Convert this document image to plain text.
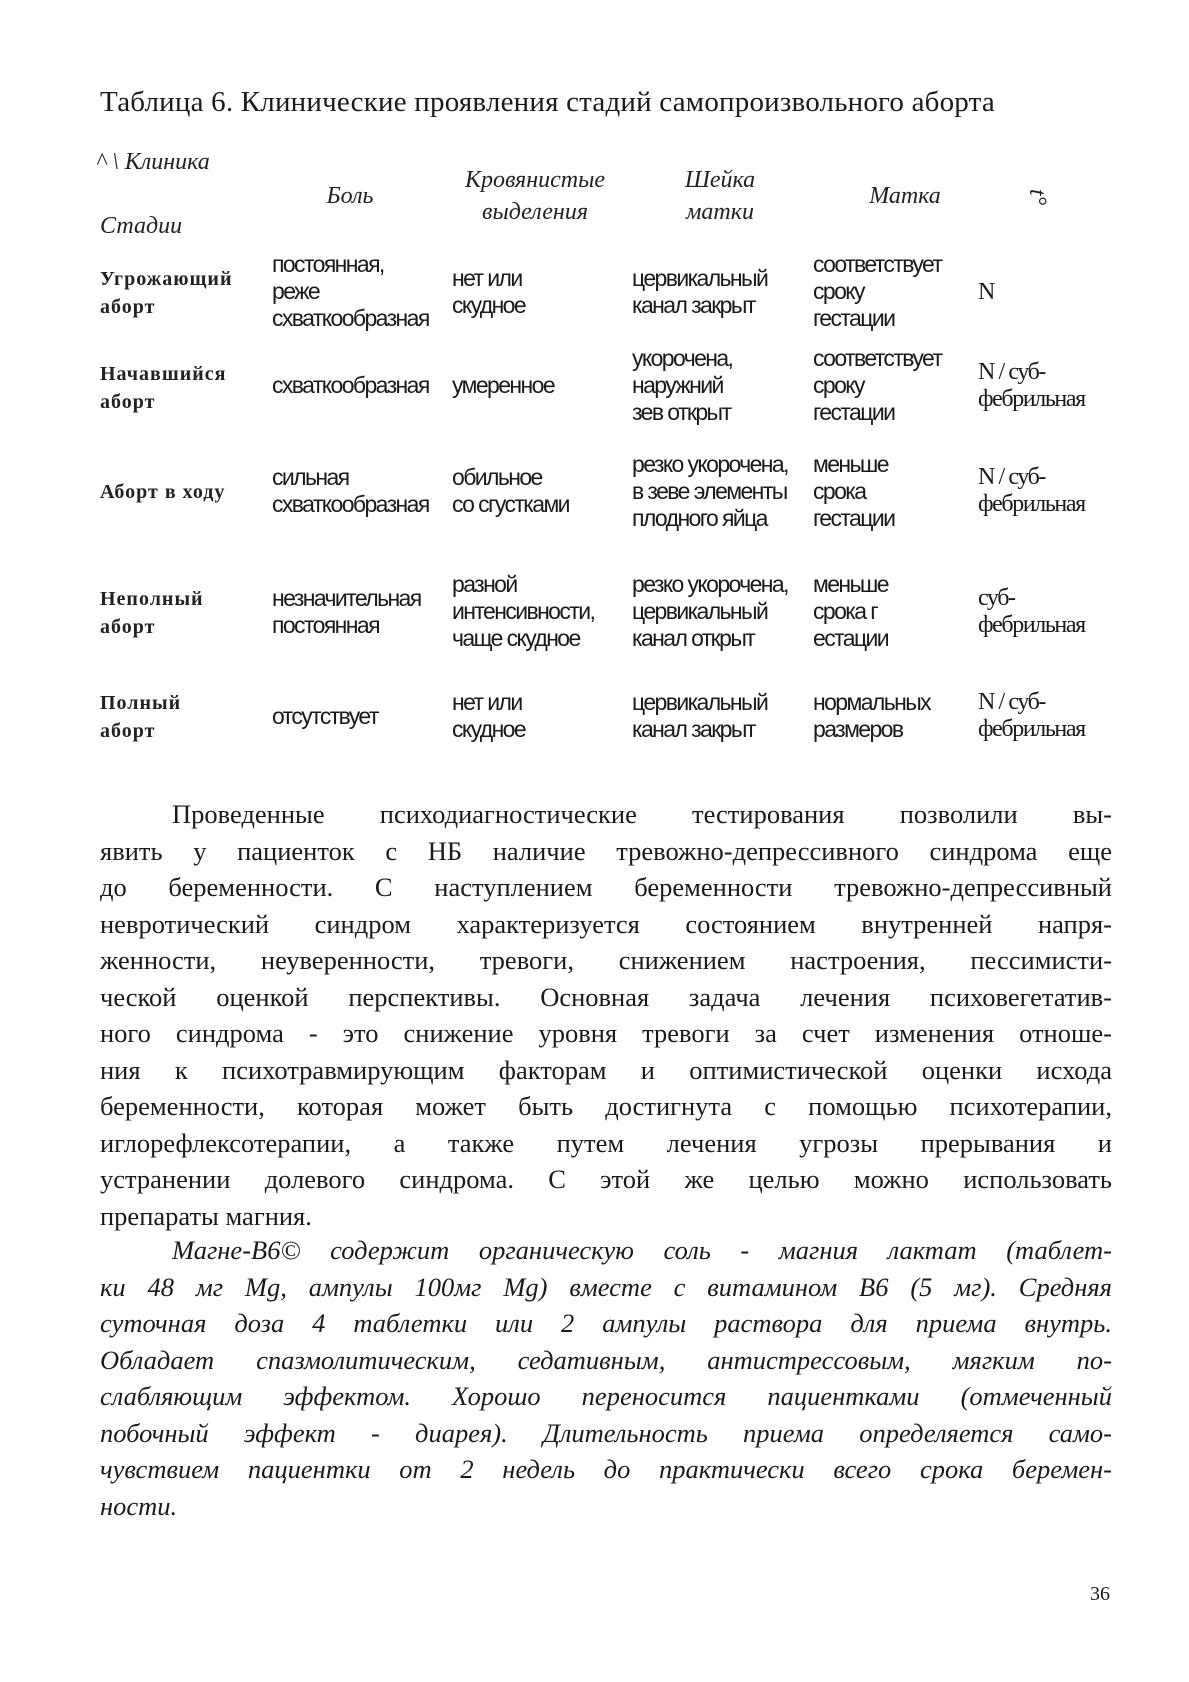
Таблица 6. Клинические проявления стадий самопроизвольного аборта
^ \ Клиника
Стадии
Боль
Кровянистые
выделения
Шейка
матки
Матка	t°
Угрожающий
аборт
постоянная,
реже
схваткообразная
нет или
скудное
цервикальный
канал закрыт
соответствует
сроку
гестации
N
Начавшийся
аборт
схваткообразная умеренное
укорочена,
наружний
зев открыт
соответствует
сроку
гестации
N / суб-
фебрильная
Аборт в ходу
сильная
схваткообразная
обильное
со сгустками
резко укорочена,
в зеве элементы
плодного яйца
меньше
срока
гестации
N / суб-
фебрильная
Неполный
аборт
незначительная
постоянная
разной
интенсивности,
чаще скудное
резко укорочена,
цервикальный
канал открыт
меньше
срока г
естации
суб-
фебрильная
Полный
аборт
отсутствует
нет или
скудное
цервикальный
канал закрыт
нормальных
размеров
N / суб-
фебрильная
Проведенные психодиагностические тестирования позволили вы-
явить у пациенток с НБ наличие тревожно-депрессивного синдрома еще
до беременности. С наступлением беременности тревожно-депрессивный
невротический синдром характеризуется состоянием внутренней напря-
женности, неуверенности, тревоги, снижением настроения, пессимисти-
ческой оценкой перспективы. Основная задача лечения психовегетатив-
ного синдрома - это снижение уровня тревоги за счет изменения отноше-
ния к психотравмирующим факторам и оптимистической оценки исхода
беременности, которая может быть достигнута с помощью психотерапии,
иглорефлексотерапии, а также путем лечения угрозы прерывания и
устранении долевого синдрома. С этой же целью можно использовать
препараты магния.
Магне-В6© содержит органическую соль - магния лактат (таблет-
ки 48 мг Mg, ампулы 100мг Mg) вместе с витамином В6 (5 мг). Средняя
суточная доза 4 таблетки или 2 ампулы раствора для приема внутрь.
Обладает спазмолитическим, седативным, антистрессовым, мягким по-
слабляющим эффектом. Хорошо переносится пациентками (отмеченный
побочный эффект - диарея). Длительность приема определяется само-
чувствием пациентки от 2 недель до практически всего срока беремен-
ности.
36
